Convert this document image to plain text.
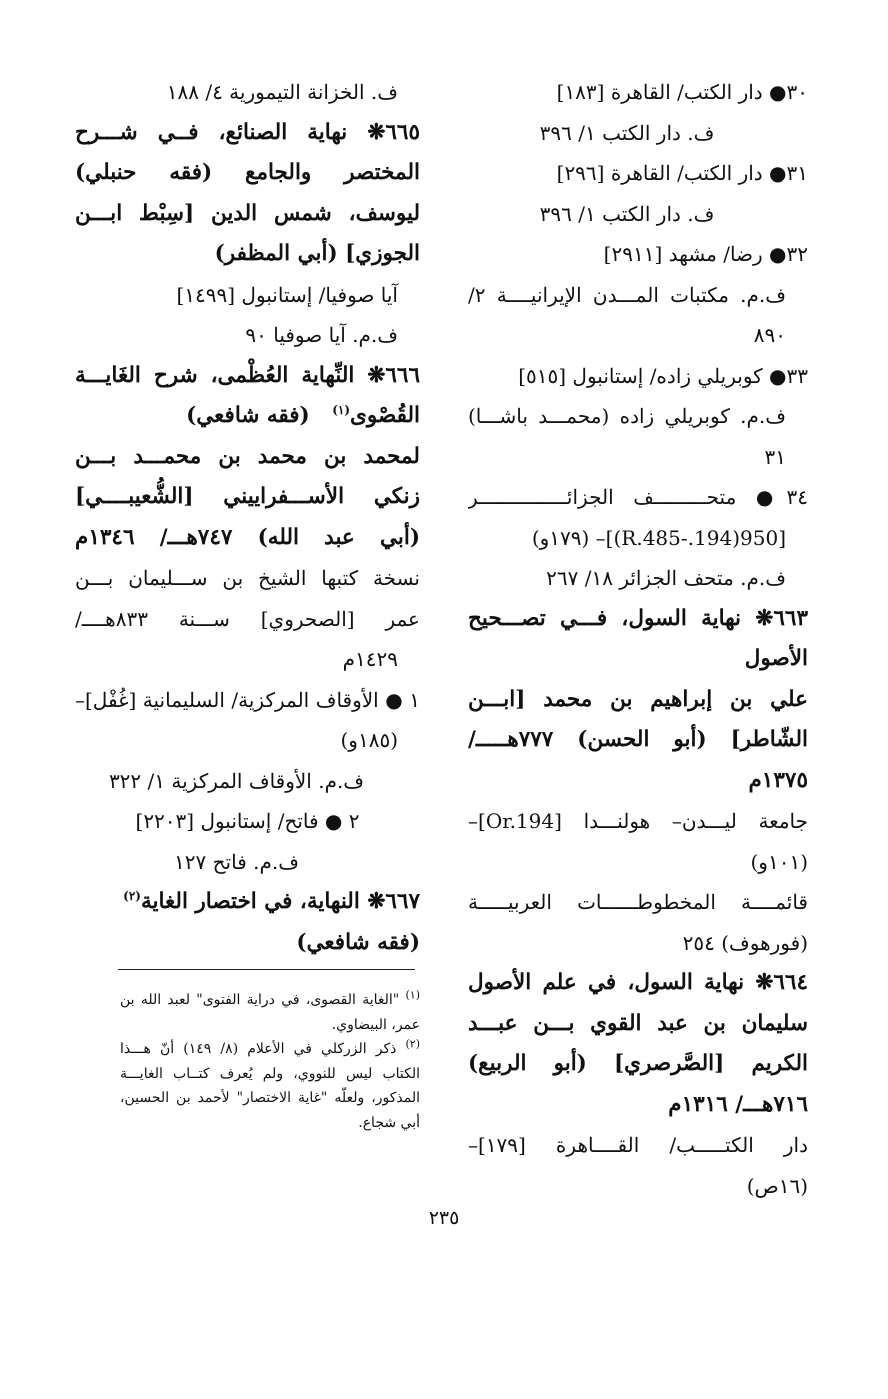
٣٠● دار الكتب/ القاهرة [١٨٣]
ف. دار الكتب ١/ ٣٩٦
٣١● دار الكتب/ القاهرة [٢٩٦]
ف. دار الكتب ١/ ٣٩٦
٣٢● رضا/ مشهد [٢٩١١]
ف.م. مكتبات المـــدن الإيرانيــــة ٢/
٨٩٠
٣٣● كوبريلي زاده/ إستانبول [٥١٥]
ف.م. كوبريلي زاده (محمـــد باشـــا)
٣١
٣٤● متحـــــــــف الجزائـــــــــــــــر
[950(194.-R.485)]– (١٧٩و)
ف.م. متحف الجزائر ١٨/ ٢٦٧
٦٦٣❋ نهاية السول، فـــي تصـــحيح
الأصول
علي بن إبراهيم بن محمد [ابـــن
الشّاطر] (أبو الحسن) ٧٧٧هـــــ/
١٣٧٥م
جامعة ليـــدن– هولنـــدا [Or.194]–
(١٠١و)
قائمــــة المخطوطــــــات العربيـــــة
(فورهوف) ٢٥٤
٦٦٤❋ نهاية السول، في علم الأصول
سليمان بن عبد القوي بـــن عبـــد
الكريم [الصَّرصري] (أبو الربيع)
٧١٦هـــ/ ١٣١٦م
دار الكتـــــب/ القــــاهرة [١٧٩]–
(١٦ص)
ف. الخزانة التيمورية ٤/ ١٨٨
٦٦٥❋ نهاية الصنائع، فــي شـــرح
المختصر والجامع (فقه حنبلي)
ليوسف، شمس الدين [سِبْط ابـــن
الجوزي] (أبي المظفر)
آيا صوفيا/ إستانبول [١٤٩٩]
ف.م. آيا صوفيا ٩٠
٦٦٦❋ النِّهاية العُظْمى، شرح الغَايـــة
القُصْوى$^{(١)}$   (فقه شافعي)
لمحمد بن محمد بن محمـــد بـــن
زنكي الأســـفراييني [الشُّعيبــــي]
(أبي عبد الله) ٧٤٧هـــ/ ١٣٤٦م
نسخة كتبها الشيخ بن ســـليمان بـــن
عمر [الصحروي] ســـنة ٨٣٣هــــ/
١٤٢٩م
١ ● الأوقاف المركزية/ السليمانية [غُفْل]–
(١٨٥و)
ف.م. الأوقاف المركزية ١/ ٣٢٢
٢ ● فاتح/ إستانبول [٢٢٠٣]
ف.م. فاتح ١٢٧
٦٦٧❋ النهاية، في اختصار الغاية$^{(٢)}$
(فقه شافعي)
$^{(١)}$ "الغاية القصوى، في دراية الفتوى" لعبد الله بن
عمر، البيضاوي.
$^{(٢)}$ ذكر الزركلي في الأعلام (٨/ ١٤٩) أنّ هـــذا
الكتاب ليس للنووي، ولم يُعرف كتــاب الغايـــة
المذكور، ولعلّه "غاية الاختصار" لأحمد بن الحسين،
أبي شجاع.
٢٣٥
